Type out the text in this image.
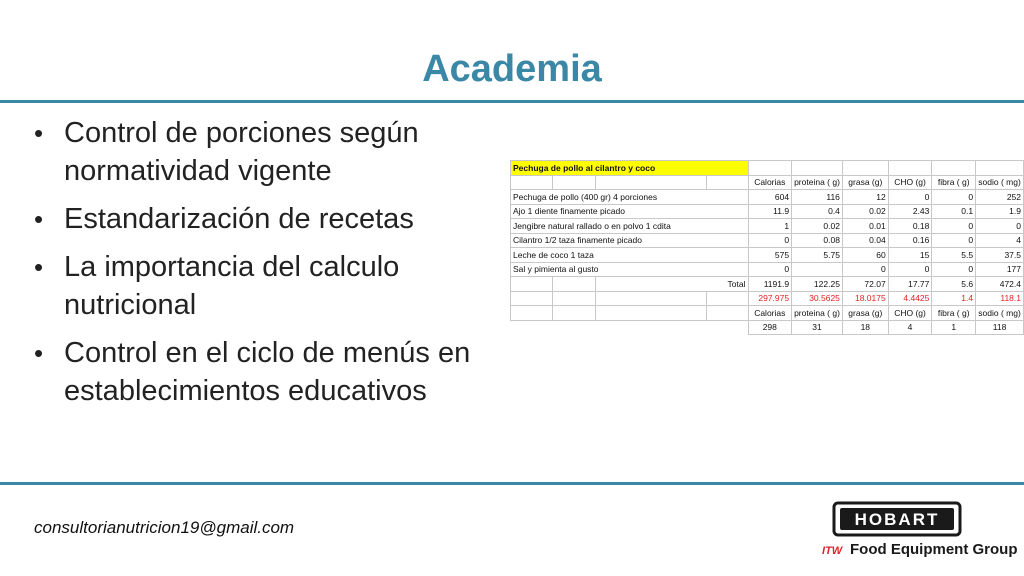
Academia
• Control de porciones según normatividad vigente
• Estandarización de recetas
• La importancia del calculo nutricional
• Control en el ciclo de menús en establecimientos educativos
Pechuga de pollo al cilantro y coco									
				Calorias	proteina ( g)	grasa (g)	CHO (g)	fibra ( g)	sodio ( mg)
Pechuga de pollo (400 gr) 4 porciones				604	116	12	0	0	252
Ajo 1 diente finamente picado				11.9	0.4	0.02	2.43	0.1	1.9
Jengibre natural rallado o en polvo 1 cdita				1	0.02	0.01	0.18	0	0
Cilantro 1/2 taza finamente picado				0	0.08	0.04	0.16	0	4
Leche de coco 1 taza				575	5.75	60	15	5.5	37.5
Sal y pimienta al gusto				0		0	0	0	177
		Total		1191.9	122.25	72.07	17.77	5.6	472.4
				297.975	30.5625	18.0175	4.4425	1.4	118.1
				Calorias	proteina ( g)	grasa (g)	CHO (g)	fibra ( g)	sodio ( mg)
				298	31	18	4	1	118
consultorianutricion19@gmail.com	HOBART
ITW Food Equipment Group
